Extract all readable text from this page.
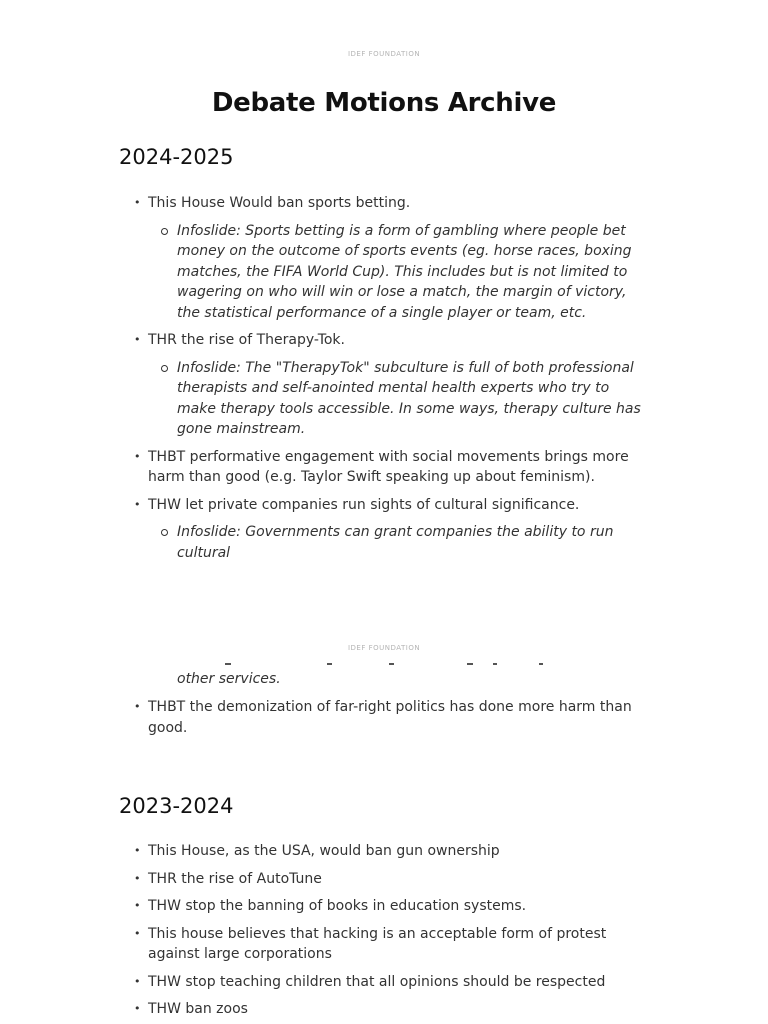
IDEF FOUNDATION
Debate Motions Archive
2024-2025
• This House Would ban sports betting.
Infoslide: Sports betting is a form of gambling where people bet money on the outcome of sports events (eg. horse races, boxing matches, the FIFA World Cup). This includes but is not limited to wagering on who will win or lose a match, the margin of victory, the statistical performance of a single player or team, etc.
• THR the rise of Therapy-Tok.
Infoslide: The "TherapyTok" subculture is full of both professional therapists and self-anointed mental health experts who try to make therapy tools accessible. In some ways, therapy culture has gone mainstream.
• THBT performative engagement with social movements brings more harm than good (e.g. Taylor Swift speaking up about feminism).
• THW let private companies run sights of cultural significance.
Infoslide: Governments can grant companies the ability to run cultural
IDEF FOUNDATION
other services.
• THBT the demonization of far-right politics has done more harm than good.
2023-2024
• This House, as the USA, would ban gun ownership
• THR the rise of AutoTune
• THW stop the banning of books in education systems.
• This house believes that hacking is an acceptable form of protest against large corporations
• THW stop teaching children that all opinions should be respected
• THW ban zoos
